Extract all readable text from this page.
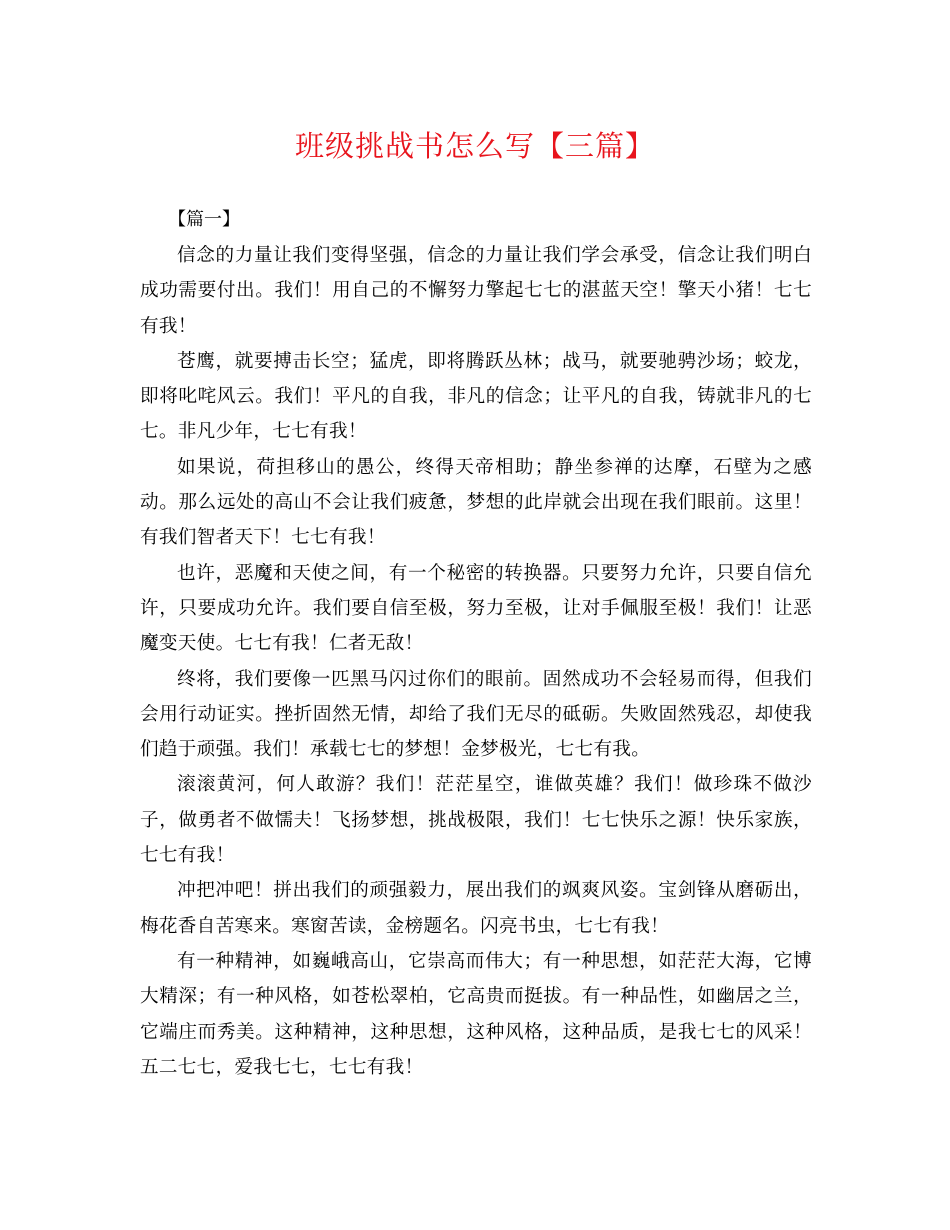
班级挑战书怎么写【三篇】
【篇一】

信念的力量让我们变得坚强，信念的力量让我们学会承受，信念让我们明白成功需要付出。我们！用自己的不懈努力擎起七七的湛蓝天空！擎天小猪！七七有我！

苍鹰，就要搏击长空；猛虎，即将腾跃丛林；战马，就要驰骋沙场；蛟龙，即将叱咤风云。我们！平凡的自我，非凡的信念；让平凡的自我，铸就非凡的七七。非凡少年，七七有我！

如果说，荷担移山的愚公，终得天帝相助；静坐参禅的达摩，石壁为之感动。那么远处的高山不会让我们疲惫，梦想的此岸就会出现在我们眼前。这里！有我们智者天下！七七有我！

也许，恶魔和天使之间，有一个秘密的转换器。只要努力允许，只要自信允许，只要成功允许。我们要自信至极，努力至极，让对手佩服至极！我们！让恶魔变天使。七七有我！仁者无敌！

终将，我们要像一匹黑马闪过你们的眼前。固然成功不会轻易而得，但我们会用行动证实。挫折固然无情，却给了我们无尽的砥砺。失败固然残忍，却使我们趋于顽强。我们！承载七七的梦想！金梦极光，七七有我。

滚滚黄河，何人敢游？我们！茫茫星空，谁做英雄？我们！做珍珠不做沙子，做勇者不做懦夫！飞扬梦想，挑战极限，我们！七七快乐之源！快乐家族，七七有我！

冲把冲吧！拼出我们的顽强毅力，展出我们的飒爽风姿。宝剑锋从磨砺出，梅花香自苦寒来。寒窗苦读，金榜题名。闪亮书虫，七七有我！

有一种精神，如巍峨高山，它崇高而伟大；有一种思想，如茫茫大海，它博大精深；有一种风格，如苍松翠柏，它高贵而挺拔。有一种品性，如幽居之兰，它端庄而秀美。这种精神，这种思想，这种风格，这种品质，是我七七的风采！五二七七，爱我七七，七七有我！
